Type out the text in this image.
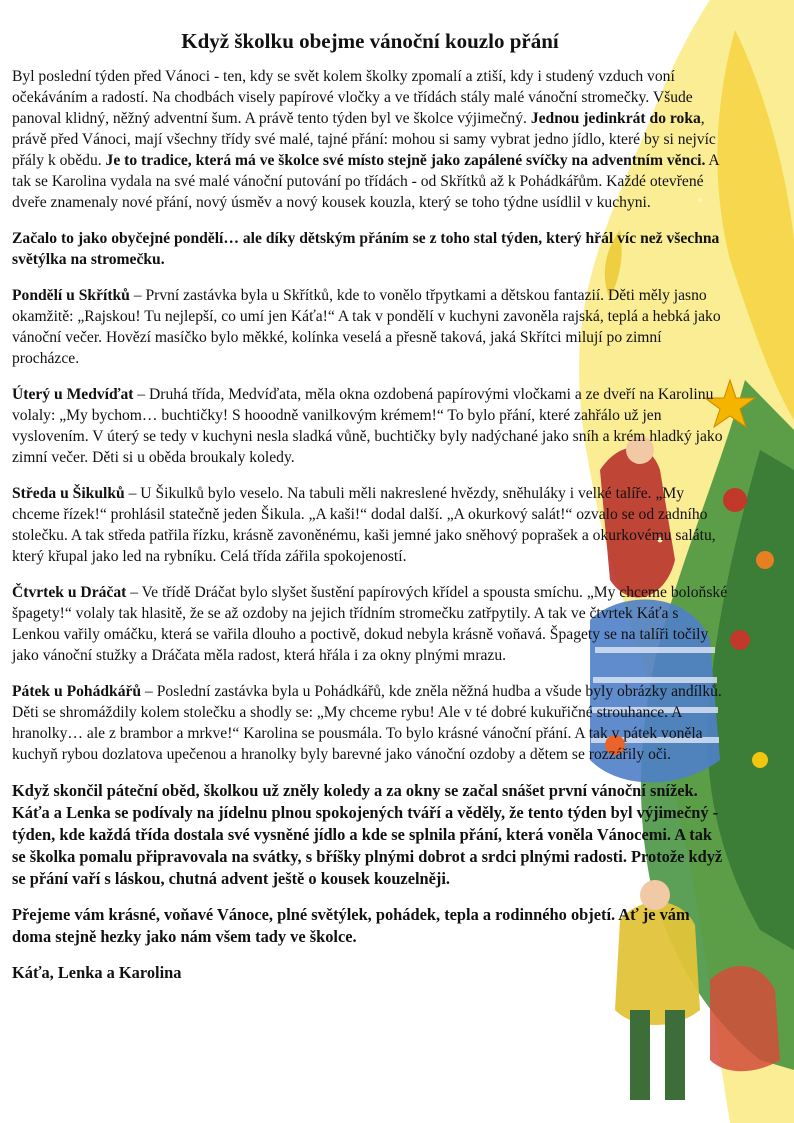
Když školku obejme vánoční kouzlo přání

Byl poslední týden před Vánoci - ten, kdy se svět kolem školky zpomalí a ztiší, kdy i studený vzduch voní očekáváním a radostí. Na chodbách visely papírové vločky a ve třídách stály malé vánoční stromečky. Všude panoval klidný, něžný adventní šum. A právě tento týden byl ve školce výjimečný. Jednou jedinkrát do roka, právě před Vánoci, mají všechny třídy své malé, tajné přání: mohou si samy vybrat jedno jídlo, které by si nejvíc přály k obědu. Je to tradice, která má ve školce své místo stejně jako zapálené svíčky na adventním věnci. A tak se Karolina vydala na své malé vánoční putování po třídách - od Skřítků až k Pohádkářům. Každé otevřené dveře znamenaly nové přání, nový úsměv a nový kousek kouzla, který se toho týdne usídlil v kuchyni.

Začalo to jako obyčejné pondělí… ale díky dětským přáním se z toho stal týden, který hřál víc než všechna světýlka na stromečku.

Pondělí u Skřítků – První zastávka byla u Skřítků, kde to vonělo třpytkami a dětskou fantazií. Děti měly jasno okamžitě: „Rajskou! Tu nejlepší, co umí jen Káťa!“ A tak v pondělí v kuchyni zavoněla rajská, teplá a hebká jako vánoční večer. Hovězí masíčko bylo měkké, kolínka veselá a přesně taková, jaká Skřítci milují po zimní procházce.

Úterý u Medvíďat – Druhá třída, Medvíďata, měla okna ozdobená papírovými vločkami a ze dveří na Karolinu volaly: „My bychom… buchtičky! S hooodně vanilkovým krémem!“ To bylo přání, které zahřálo už jen vyslovením. V úterý se tedy v kuchyni nesla sladká vůně, buchtičky byly nadýchané jako sníh a krém hladký jako zimní večer. Děti si u oběda broukaly koledy.

Středa u Šikulků – U Šikulků bylo veselo. Na tabuli měli nakreslené hvězdy, sněhuláky i velké talíře. „My chceme řízek!“ prohlásil statečně jeden Šikula. „A kaši!“ dodal další. „A okurkový salát!“ ozvalo se od zadního stolečku. A tak středa patřila řízku, krásně zavoněnému, kaši jemné jako sněhový poprašek a okurkovému salátu, který křupal jako led na rybníku. Celá třída zářila spokojeností.

Čtvrtek u Dráčat – Ve třídě Dráčat bylo slyšet šustění papírových křídel a spousta smíchu. „My chceme boloňské špagety!“ volaly tak hlasitě, že se až ozdoby na jejich třídním stromečku zatřpytily. A tak ve čtvrtek Káťa s Lenkou vařily omáčku, která se vařila dlouho a poctivě, dokud nebyla krásně voňavá. Špagety se na talíři točily jako vánoční stužky a Dráčata měla radost, která hřála i za okny plnými mrazu.

Pátek u Pohádkářů – Poslední zastávka byla u Pohádkářů, kde zněla něžná hudba a všude byly obrázky andílků. Děti se shromáždily kolem stolečku a shodly se: „My chceme rybu! Ale v té dobré kukuřičné strouhance. A hranolky… ale z brambor a mrkve!“ Karolina se pousmála. To bylo krásné vánoční přání. A tak v pátek voněla kuchyň rybou dozlatova upečenou a hranolky byly barevné jako vánoční ozdoby a dětem se rozzářily oči.

Když skončil páteční oběd, školkou už zněly koledy a za okny se začal snášet první vánoční snížek. Káťa a Lenka se podívaly na jídelnu plnou spokojených tváří a věděly, že tento týden byl výjimečný - týden, kde každá třída dostala své vysněné jídlo a kde se splnila přání, která voněla Vánocemi. A tak se školka pomalu připravovala na svátky, s bříšky plnými dobrot a srdci plnými radosti. Protože když se přání vaří s láskou, chutná advent ještě o kousek kouzelněji.

Přejeme vám krásné, voňavé Vánoce, plné světýlek, pohádek, tepla a rodinného objetí. Ať je vám doma stejně hezky jako nám všem tady ve školce.

Káťa, Lenka a Karolina
